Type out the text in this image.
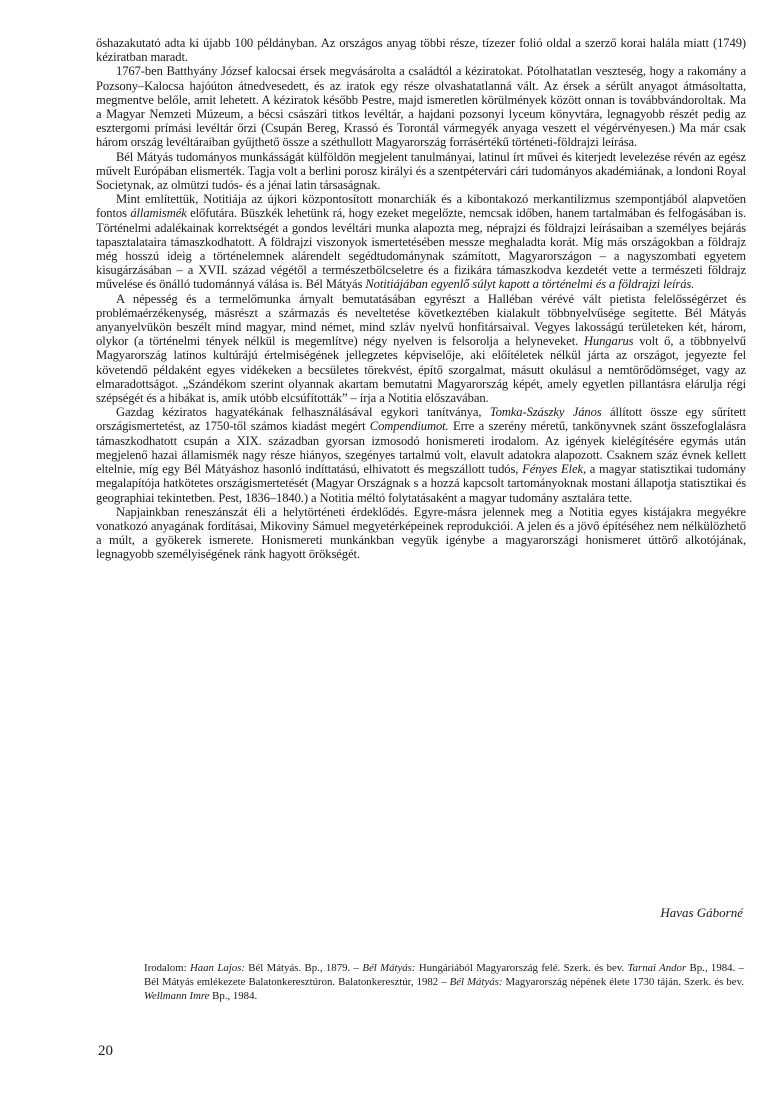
őshazakutató adta ki újabb 100 példányban. Az országos anyag többi része, tízezer folió oldal a szerző korai halála miatt (1749) kéziratban maradt.

1767-ben Batthyány József kalocsai érsek megvásárolta a családtól a kéziratokat. Pótolhatatlan veszteség, hogy a rakomány a Pozsony–Kalocsa hajóúton átnedvesedett, és az iratok egy része olvashatatlanná vált. Az érsek a sérült anyagot átmásoltatta, megmentve belőle, amit lehetett. A kéziratok később Pestre, majd ismeretlen körülmények között onnan is továbbvándoroltak. Ma a Magyar Nemzeti Múzeum, a bécsi császári titkos levéltár, a hajdani pozsonyi lyceum könyvtára, legnagyobb részét pedig az esztergomi prímási levéltár őrzi (Csupán Bereg, Krassó és Torontál vármegyék anyaga veszett el végérvényesen.) Ma már csak három ország levéltáraiban gyűjthető össze a széthullott Magyarország forrásértékű történeti-földrajzi leírása.

Bél Mátyás tudományos munkásságát külföldön megjelent tanulmányai, latinul írt művei és kiterjedt levelezése révén az egész művelt Európában elismerték. Tagja volt a berlini porosz királyi és a szentpétervári cári tudományos akadémiának, a londoni Royal Societynak, az olmützi tudós- és a jénai latin társaságnak.

Mint említettük, Notitiája az újkori központosított monarchiák és a kibontakozó merkantilizmus szempontjából alapvetően fontos államismék előfutára. Büszkék lehetünk rá, hogy ezeket megelőzte, nemcsak időben, hanem tartalmában és felfogásában is. Történelmi adalékainak korrektségét a gondos levéltári munka alapozta meg, néprajzi és földrajzi leírásaiban a személyes bejárás tapasztalataira támaszkodhatott. A földrajzi viszonyok ismertetésében messze meghaladta korát. Míg más országokban a földrajz még hosszú ideig a történelemnek alárendelt segédtudománynak számított, Magyarországon – a nagyszombati egyetem kisugárzásában – a XVII. század végétől a természetbölcseletre és a fizikára támaszkodva kezdetét vette a természeti földrajz művelése és önálló tudománnyá válása is. Bél Mátyás Notitiájában egyenlő súlyt kapott a történelmi és a földrajzi leírás.

A népesség és a termelőmunka árnyalt bemutatásában egyrészt a Halléban vérévé vált pietista felelősségérzet és problémaérzékenység, másrészt a származás és neveltetése következtében kialakult többnyelvűsége segítette. Bél Mátyás anyanyelvükön beszélt mind magyar, mind német, mind szláv nyelvű honfitársaival. Vegyes lakosságú területeken két, három, olykor (a történelmi tények nélkül is megemlítve) négy nyelven is felsorolja a helyneveket. Hungarus volt ő, a többnyelvű Magyarország latinos kultúrájú értelmiségének jellegzetes képviselője, aki előítéletek nélkül járta az országot, jegyezte fel követendő példaként egyes vidékeken a becsületes törekvést, építő szorgalmat, másutt okulásul a nemtörődömséget, vagy az elmaradottságot. „Szándékom szerint olyannak akartam bemutatni Magyarország képét, amely egyetlen pillantásra elárulja régi szépségét és a hibákat is, amik utóbb elcsúfították” – írja a Notitia előszavában.

Gazdag kéziratos hagyatékának felhasználásával egykori tanítványa, Tomka-Szászky János állított össze egy sűrített országismertetést, az 1750-től számos kiadást megért Compendiumot. Erre a szerény méretű, tankönyvnek szánt összefoglalásra támaszkodhatott csupán a XIX. században gyorsan izmosodó honismereti irodalom. Az igények kielégítésére egymás után megjelenő hazai államismék nagy része hiányos, szegényes tartalmú volt, elavult adatokra alapozott. Csaknem száz évnek kellett eltelnie, míg egy Bél Mátyáshoz hasonló indíttatású, elhivatott és megszállott tudós, Fényes Elek, a magyar statisztikai tudomány megalapítója hatkötetes országismertetését (Magyar Országnak s a hozzá kapcsolt tartományoknak mostani állapotja statisztikai és geographiai tekintetben. Pest, 1836–1840.) a Notitia méltó folytatásaként a magyar tudomány asztalára tette.

Napjainkban reneszánszát éli a helytörténeti érdeklődés. Egyre-másra jelennek meg a Notitia egyes kistájakra megyékre vonatkozó anyagának fordításai, Mikoviny Sámuel megyetérképeinek reprodukciói. A jelen és a jövő építéséhez nem nélkülözhető a múlt, a gyökerek ismerete. Honismereti munkánkban vegyük igénybe a magyarországi honismeret úttörő alkotójának, legnagyobb személyiségének ránk hagyott örökségét.

Havas Gáborné
Irodalom: Haan Lajos: Bél Mátyás. Bp., 1879. – Bél Mátyás: Hungáriából Magyarország felé. Szerk. és bev. Tarnai Andor Bp., 1984. – Bél Mátyás emlékezete Balatonkeresztúron. Balatonkeresztúr, 1982 – Bél Mátyás: Magyarország népének élete 1730 táján. Szerk. és bev. Wellmann Imre Bp., 1984.
20
